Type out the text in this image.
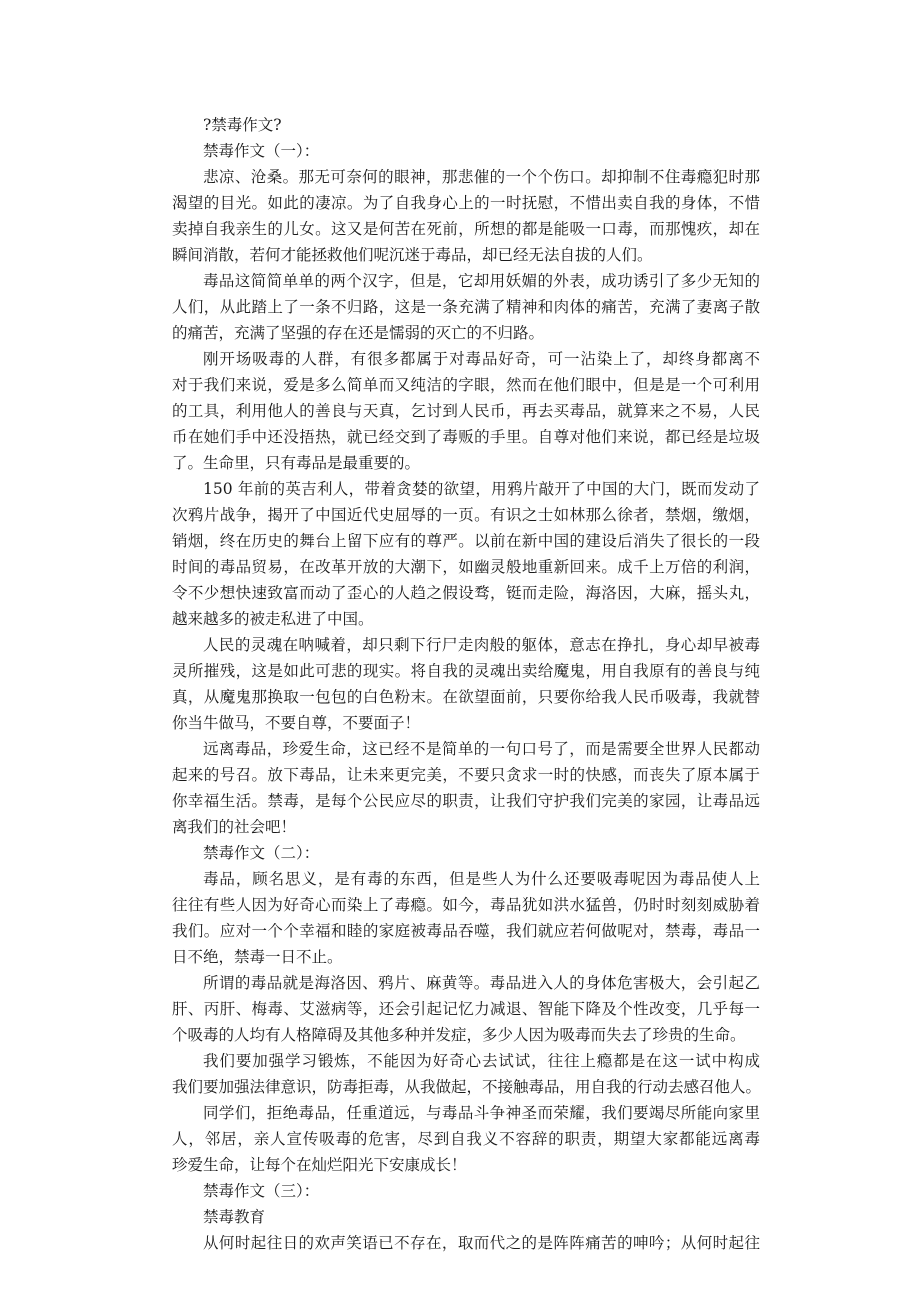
?禁毒作文?
禁毒作文（一）：
悲凉、沧桑。那无可奈何的眼神，那悲催的一个个伤口。却抑制不住毒瘾犯时那
渴望的目光。如此的凄凉。为了自我身心上的一时抚慰，不惜出卖自我的身体，不惜
卖掉自我亲生的儿女。这又是何苦在死前，所想的都是能吸一口毒，而那愧疚，却在
瞬间消散，若何才能拯救他们呢沉迷于毒品，却已经无法自拔的人们。
毒品这简简单单的两个汉字，但是，它却用妖媚的外表，成功诱引了多少无知的
人们，从此踏上了一条不归路，这是一条充满了精神和肉体的痛苦，充满了妻离子散
的痛苦，充满了坚强的存在还是懦弱的灭亡的不归路。
刚开场吸毒的人群，有很多都属于对毒品好奇，可一沾染上了，却终身都离不
对于我们来说，爱是多么简单而又纯洁的字眼，然而在他们眼中，但是是一个可利用
的工具，利用他人的善良与天真，乞讨到人民币，再去买毒品，就算来之不易，人民
币在她们手中还没捂热，就已经交到了毒贩的手里。自尊对他们来说，都已经是垃圾
了。生命里，只有毒品是最重要的。
150 年前的英吉利人，带着贪婪的欲望，用鸦片敲开了中国的大门，既而发动了
次鸦片战争，揭开了中国近代史屈辱的一页。有识之士如林那么徐者，禁烟，缴烟，
销烟，终在历史的舞台上留下应有的尊严。以前在新中国的建设后消失了很长的一段
时间的毒品贸易，在改革开放的大潮下，如幽灵般地重新回来。成千上万倍的利润，
令不少想快速致富而动了歪心的人趋之假设骛，铤而走险，海洛因，大麻，摇头丸，
越来越多的被走私进了中国。
人民的灵魂在呐喊着，却只剩下行尸走肉般的躯体，意志在挣扎，身心却早被毒
灵所摧残，这是如此可悲的现实。将自我的灵魂出卖给魔鬼，用自我原有的善良与纯
真，从魔鬼那换取一包包的白色粉末。在欲望面前，只要你给我人民币吸毒，我就替
你当牛做马，不要自尊，不要面子！
远离毒品，珍爱生命，这已经不是简单的一句口号了，而是需要全世界人民都动
起来的号召。放下毒品，让未来更完美，不要只贪求一时的快感，而丧失了原本属于
你幸福生活。禁毒，是每个公民应尽的职责，让我们守护我们完美的家园，让毒品远
离我们的社会吧！
禁毒作文（二）：
毒品，顾名思义，是有毒的东西，但是些人为什么还要吸毒呢因为毒品使人上
往往有些人因为好奇心而染上了毒瘾。如今，毒品犹如洪水猛兽，仍时时刻刻威胁着
我们。应对一个个幸福和睦的家庭被毒品吞噬，我们就应若何做呢对，禁毒，毒品一
日不绝，禁毒一日不止。
所谓的毒品就是海洛因、鸦片、麻黄等。毒品进入人的身体危害极大，会引起乙
肝、丙肝、梅毒、艾滋病等，还会引起记忆力减退、智能下降及个性改变，几乎每一
个吸毒的人均有人格障碍及其他多种并发症，多少人因为吸毒而失去了珍贵的生命。
我们要加强学习锻炼，不能因为好奇心去试试，往往上瘾都是在这一试中构成
我们要加强法律意识，防毒拒毒，从我做起，不接触毒品，用自我的行动去感召他人。
同学们，拒绝毒品，任重道远，与毒品斗争神圣而荣耀，我们要竭尽所能向家里
人，邻居，亲人宣传吸毒的危害，尽到自我义不容辞的职责，期望大家都能远离毒
珍爱生命，让每个在灿烂阳光下安康成长！
禁毒作文（三）：
禁毒教育
从何时起往日的欢声笑语已不存在，取而代之的是阵阵痛苦的呻吟；从何时起往
